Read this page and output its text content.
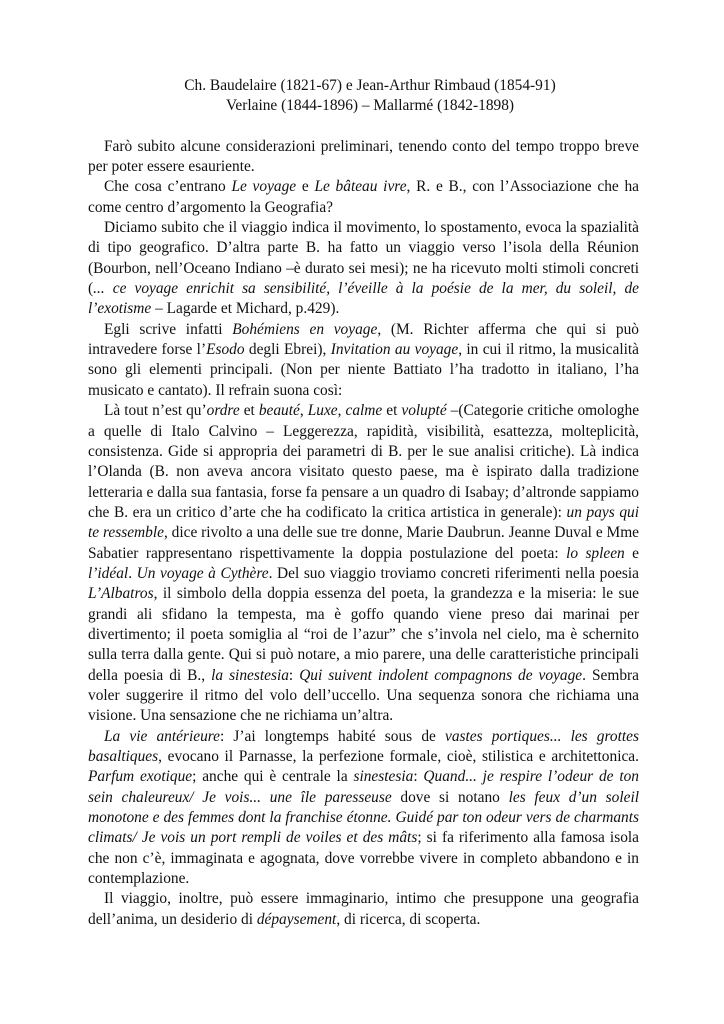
Ch. Baudelaire (1821-67) e Jean-Arthur Rimbaud (1854-91)
Verlaine (1844-1896) – Mallarmé (1842-1898)

Farò subito alcune considerazioni preliminari, tenendo conto del tempo troppo breve per poter essere esauriente.

Che cosa c’entrano Le voyage e Le bâteau ivre, R. e B., con l’Associazione che ha come centro d’argomento la Geografia?

Diciamo subito che il viaggio indica il movimento, lo spostamento, evoca la spazialità di tipo geografico. D’altra parte B. ha fatto un viaggio verso l’isola della Réunion (Bourbon, nell’Oceano Indiano –è durato sei mesi); ne ha ricevuto molti stimoli concreti (... ce voyage enrichit sa sensibilité, l’éveille à la poésie de la mer, du soleil, de l’exotisme – Lagarde et Michard, p.429).

Egli scrive infatti Bohémiens en voyage, (M. Richter afferma che qui si può intravedere forse l’Esodo degli Ebrei), Invitation au voyage, in cui il ritmo, la musicalità sono gli elementi principali. (Non per niente Battiato l’ha tradotto in italiano, l’ha musicato e cantato). Il refrain suona così:

Là tout n’est qu’ordre et beauté, Luxe, calme et volupté –(Categorie critiche omologhe a quelle di Italo Calvino – Leggerezza, rapidità, visibilità, esattezza, molteplicità, consistenza. Gide si appropria dei parametri di B. per le sue analisi critiche). Là indica l’Olanda (B. non aveva ancora visitato questo paese, ma è ispirato dalla tradizione letteraria e dalla sua fantasia, forse fa pensare a un quadro di Isabay; d’altronde sappiamo che B. era un critico d’arte che ha codificato la critica artistica in generale): un pays qui te ressemble, dice rivolto a una delle sue tre donne, Marie Daubrun. Jeanne Duval e Mme Sabatier rappresentano rispettivamente la doppia postulazione del poeta: lo spleen e l’idéal. Un voyage à Cythère. Del suo viaggio troviamo concreti riferimenti nella poesia L’Albatros, il simbolo della doppia essenza del poeta, la grandezza e la miseria: le sue grandi ali sfidano la tempesta, ma è goffo quando viene preso dai marinai per divertimento; il poeta somiglia al “roi de l’azur” che s’invola nel cielo, ma è schernito sulla terra dalla gente. Qui si può notare, a mio parere, una delle caratteristiche principali della poesia di B., la sinestesia: Qui suivent indolent compagnons de voyage. Sembra voler suggerire il ritmo del volo dell’uccello. Una sequenza sonora che richiama una visione. Una sensazione che ne richiama un’altra.

La vie antérieure: J’ai longtemps habité sous de vastes portiques... les grottes basaltiques, evocano il Parnasse, la perfezione formale, cioè, stilistica e architettonica. Parfum exotique; anche qui è centrale la sinestesia: Quand... je respire l’odeur de ton sein chaleureux/ Je vois... une île paresseuse dove si notano les feux d’un soleil monotone e des femmes dont la franchise étonne. Guidé par ton odeur vers de charmants climats/ Je vois un port rempli de voiles et des mâts; si fa riferimento alla famosa isola che non c’è, immaginata e agognata, dove vorrebbe vivere in completo abbandono e in contemplazione.

Il viaggio, inoltre, può essere immaginario, intimo che presuppone una geografia dell’anima, un desiderio di dépaysement, di ricerca, di scoperta.
